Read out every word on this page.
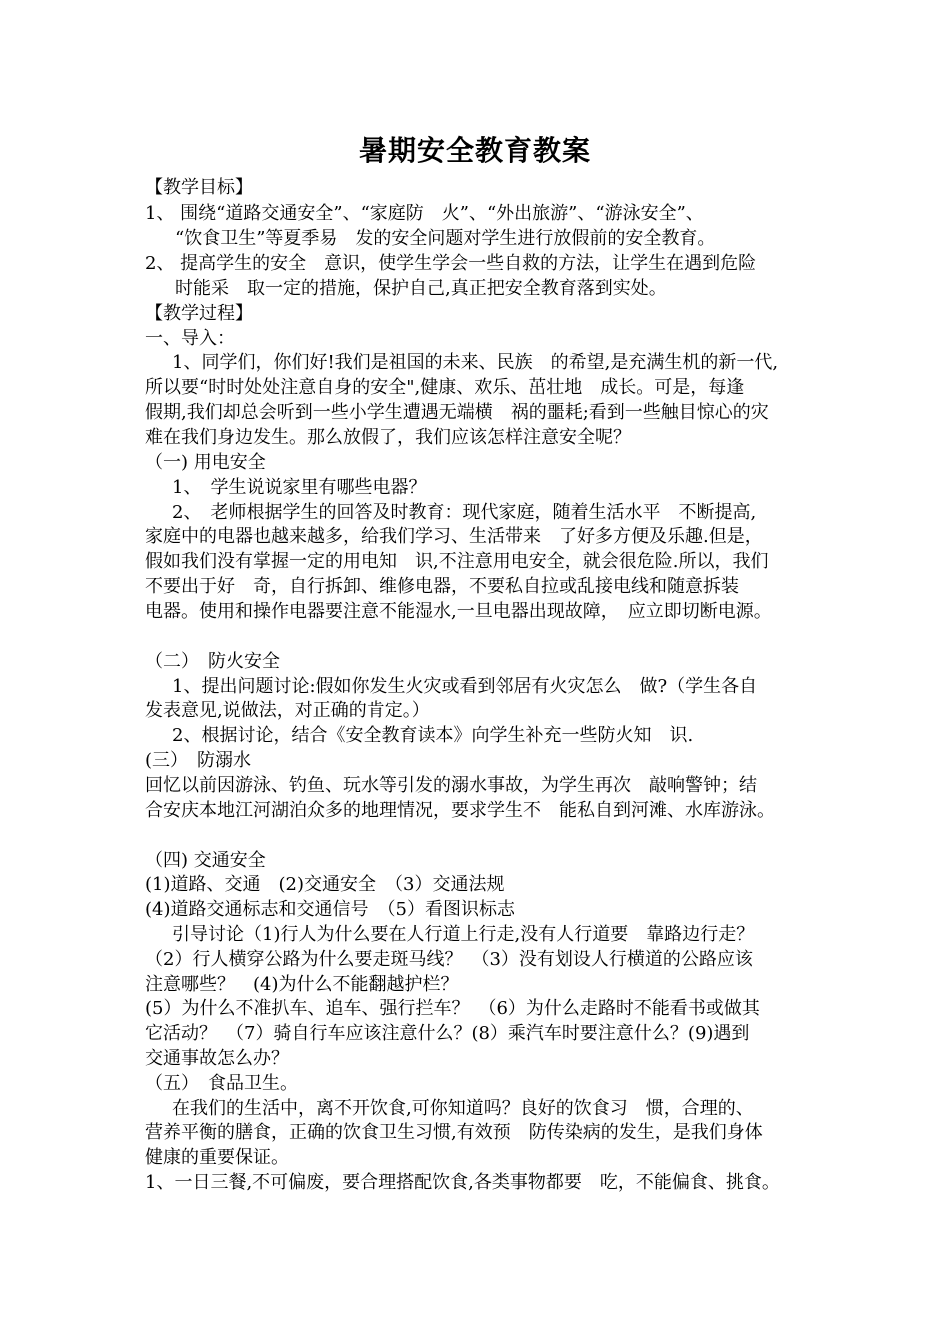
暑期安全教育教案
【教学目标】
1、 围绕“道路交通安全”、“家庭防　火”、“外出旅游”、“游泳安全”、
“饮食卫生”等夏季易　发的安全问题对学生进行放假前的安全教育。
2、 提高学生的安全　意识，使学生学会一些自救的方法，让学生在遇到危险
时能采　取一定的措施，保护自己,真正把安全教育落到实处。
【教学过程】
一、导入：
1、同学们，你们好!我们是祖国的未来、民族　的希望,是充满生机的新一代,
所以要“时时处处注意自身的安全",健康、欢乐、茁壮地　成长。可是，每逢
假期,我们却总会听到一些小学生遭遇无端横　祸的噩耗;看到一些触目惊心的灾
难在我们身边发生。那么放假了，我们应该怎样注意安全呢？
（一) 用电安全
1、　学生说说家里有哪些电器？
2、　老师根据学生的回答及时教育：现代家庭，随着生活水平　不断提高,
家庭中的电器也越来越多，给我们学习、生活带来　了好多方便及乐趣.但是，
假如我们没有掌握一定的用电知　识,不注意用电安全，就会很危险.所以，我们
不要出于好　奇，自行拆卸、维修电器，不要私自拉或乱接电线和随意拆装
电器。使用和操作电器要注意不能湿水,一旦电器出现故障，　应立即切断电源。
（二）　防火安全
1、提出问题讨论:假如你发生火灾或看到邻居有火灾怎么　做?（学生各自
发表意见,说做法，对正确的肯定。）
2、根据讨论，结合《安全教育读本》向学生补充一些防火知　识.
(三）　防溺水
回忆以前因游泳、钓鱼、玩水等引发的溺水事故，为学生再次　敲响警钟；结
合安庆本地江河湖泊众多的地理情况，要求学生不　能私自到河滩、水库游泳。
（四) 交通安全
(1)道路、交通　(2)交通安全　（3）交通法规
(4)道路交通标志和交通信号　（5）看图识标志
引导讨论（1)行人为什么要在人行道上行走,没有人行道要　靠路边行走？
（2）行人横穿公路为什么要走斑马线？　（3）没有划设人行横道的公路应该
注意哪些？　(4)为什么不能翻越护栏？
(5）为什么不准扒车、追车、强行拦车？　（6）为什么走路时不能看书或做其
它活动？　（7）骑自行车应该注意什么？(8）乘汽车时要注意什么？(9)遇到
交通事故怎么办？
（五）　食品卫生。
在我们的生活中，离不开饮食,可你知道吗？良好的饮食习　惯，合理的、
营养平衡的膳食，正确的饮食卫生习惯,有效预　防传染病的发生，是我们身体
健康的重要保证。
1、一日三餐,不可偏废，要合理搭配饮食,各类事物都要　吃，不能偏食、挑食。
